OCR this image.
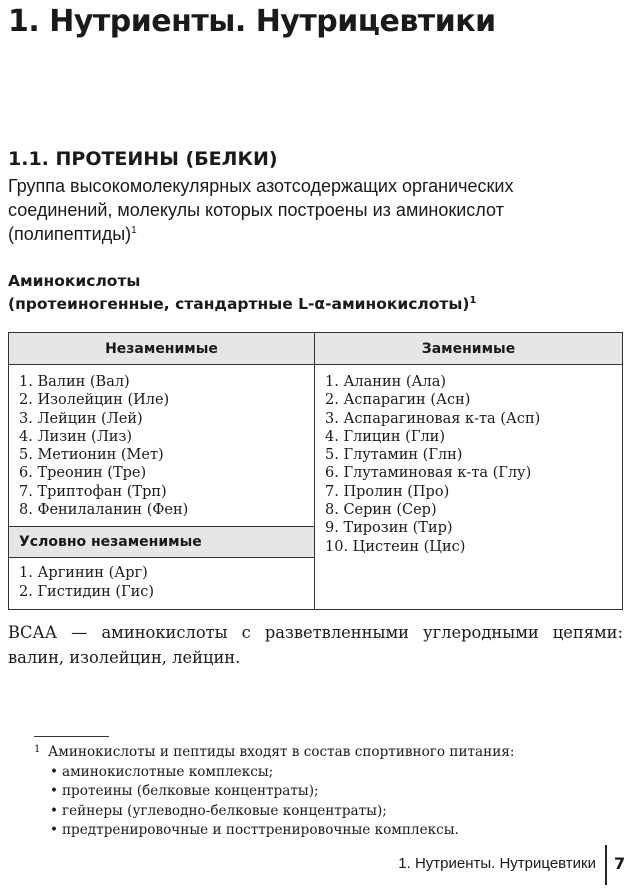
1. Нутриенты. Нутрицевтики
1.1. ПРОТЕИНЫ (БЕЛКИ)

Группа высокомолекулярных азотсодержащих органических соединений, молекулы которых построены из аминокислот (полипептиды)$^1$

Аминокислоты
(протеиногенные, стандартные L-α-аминокислоты)$^1$
Незаменимые
1. Валин (Вал)
2. Изолейцин (Иле)
3. Лейцин (Лей)
4. Лизин (Лиз)
5. Метионин (Мет)
6. Треонин (Тре)
7. Триптофан (Трп)
8. Фенилаланин (Фен)
Условно незаменимые
1. Аргинин (Арг)
2. Гистидин (Гис)
Заменимые
1. Аланин (Ала)
2. Аспарагин (Асн)
3. Аспарагиновая к-та (Асп)
4. Глицин (Гли)
5. Глутамин (Глн)
6. Глутаминовая к-та (Глу)
7. Пролин (Про)
8. Серин (Сер)
9. Тирозин (Тир)
10. Цистеин (Цис)

ВСАА — аминокислоты с разветвленными углеродными цепями: валин, изолейцин, лейцин.

1 Аминокислоты и пептиды входят в состав спортивного питания:
• аминокислотные комплексы;
• протеины (белковые концентраты);
• гейнеры (углеводно-белковые концентраты);
• предтренировочные и посттренировочные комплексы.
1. Нутриенты. Нутрицевтики 7
